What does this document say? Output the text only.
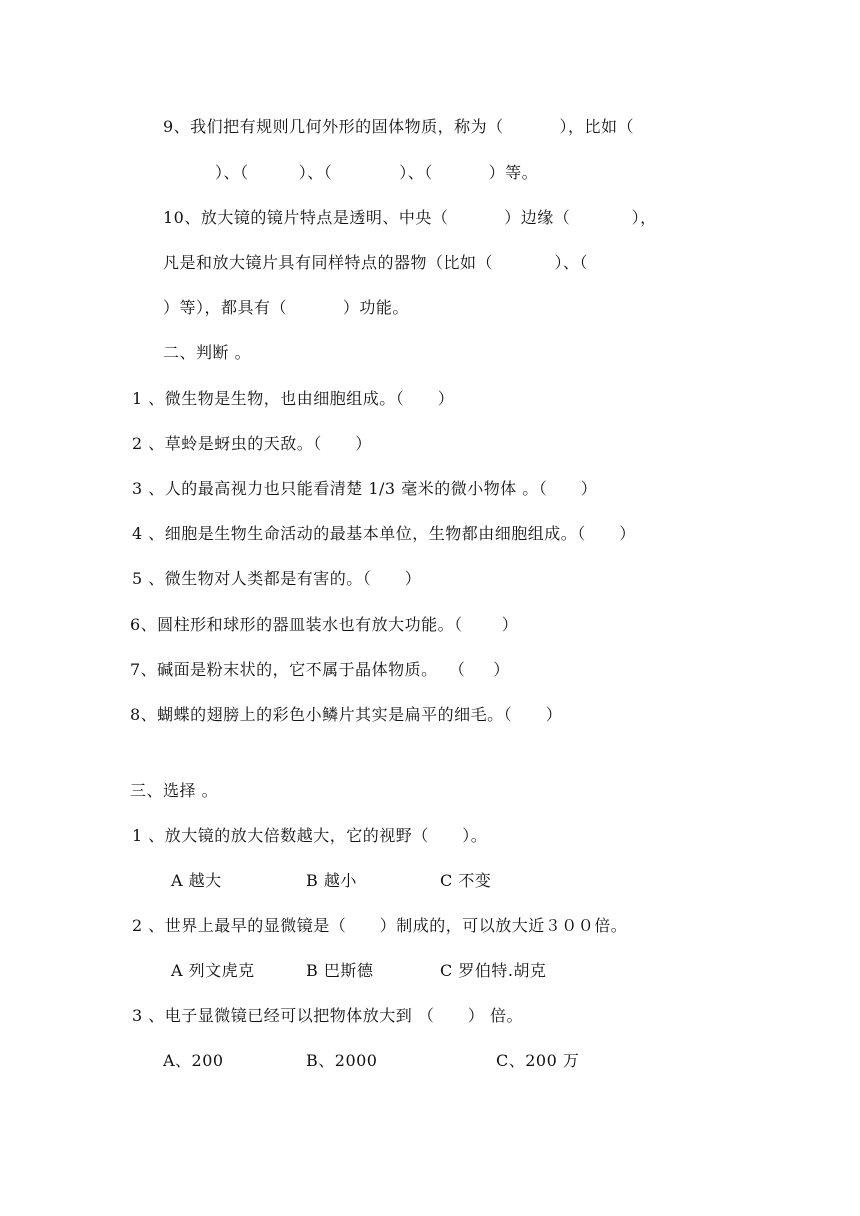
9、我们把有规则几何外形的固体物质，称为（          ），比如（
）、（         ）、（            ）、（          ）等。
10、放大镜的镜片特点是透明、中央（          ）边缘（           ），
凡是和放大镜片具有同样特点的器物（比如（           ）、（
）等），都具有（          ）功能。
二、判断 。
1 、微生物是生物，也由细胞组成。（      ）
2 、草蛉是蚜虫的天敌。（      ）
3 、人的最高视力也只能看清楚 1/3 毫米的微小物体 。（      ）
4 、细胞是生物生命活动的最基本单位，生物都由细胞组成。（      ）
5 、微生物对人类都是有害的。（      ）
6、圆柱形和球形的器皿装水也有放大功能。（       ）
7、碱面是粉末状的，它不属于晶体物质。  （     ）
8、蝴蝶的翅膀上的彩色小鳞片其实是扁平的细毛。（      ）
三、选择 。
1 、放大镜的放大倍数越大，它的视野（      ）。
A 越大	B 越小	C 不变
2 、世界上最早的显微镜是（      ）制成的，可以放大近３００倍。
A 列文虎克	B 巴斯德	C 罗伯特.胡克
3 、电子显微镜已经可以把物体放大到 （      ） 倍。
A、200	B、2000	C、200 万
